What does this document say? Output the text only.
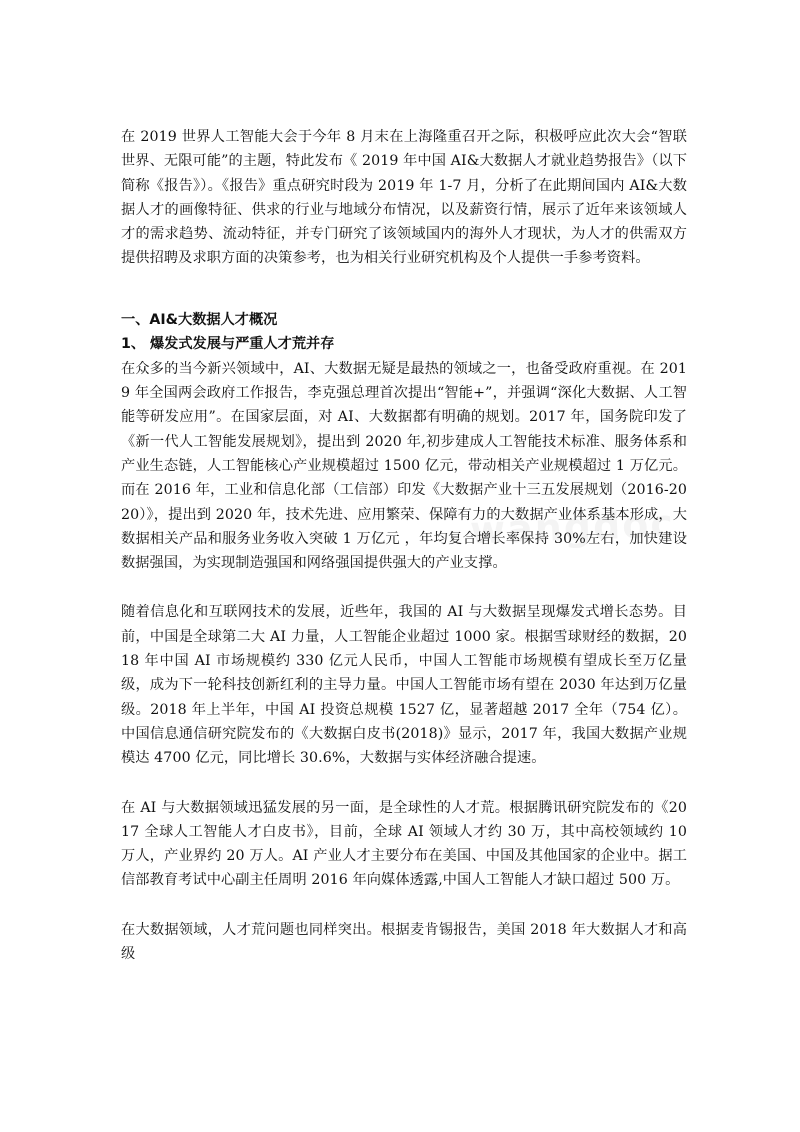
在 2019 世界人工智能大会于今年 8 月末在上海隆重召开之际，积极呼应此次大会“智联世界、无限可能”的主题，特此发布《 2019 年中国 AI&大数据人才就业趋势报告》（以下简称《报告》）。《报告》重点研究时段为 2019 年 1-7 月，分析了在此期间国内 AI&大数据人才的画像特征、供求的行业与地域分布情况，以及薪资行情，展示了近年来该领域人才的需求趋势、流动特征，并专门研究了该领域国内的海外人才现状，为人才的供需双方提供招聘及求职方面的决策参考，也为相关行业研究机构及个人提供一手参考资料。

一、AI&大数据人才概况
1、 爆发式发展与严重人才荒并存

在众多的当今新兴领域中，AI、大数据无疑是最热的领域之一，也备受政府重视。在 2019 年全国两会政府工作报告，李克强总理首次提出“智能+”，并强调“深化大数据、人工智能等研发应用”。在国家层面，对 AI、大数据都有明确的规划。2017 年，国务院印发了《新一代人工智能发展规划》，提出到 2020 年,初步建成人工智能技术标准、服务体系和产业生态链，人工智能核心产业规模超过 1500 亿元，带动相关产业规模超过 1 万亿元。而在 2016 年，工业和信息化部（工信部）印发《大数据产业十三五发展规划（2016-2020）》，提出到 2020 年，技术先进、应用繁荣、保障有力的大数据产业体系基本形成，大数据相关产品和服务业务收入突破 1 万亿元 ，年均复合增长率保持 30%左右，加快建设数据强国，为实现制造强国和网络强国提供强大的产业支撑。

随着信息化和互联网技术的发展，近些年，我国的 AI 与大数据呈现爆发式增长态势。目前，中国是全球第二大 AI 力量，人工智能企业超过 1000 家。根据雪球财经的数据，2018 年中国 AI 市场规模约 330 亿元人民币，中国人工智能市场规模有望成长至万亿量级，成为下一轮科技创新红利的主导力量。中国人工智能市场有望在 2030 年达到万亿量级。2018 年上半年，中国 AI 投资总规模 1527 亿，显著超越 2017 全年（754 亿）。中国信息通信研究院发布的《大数据白皮书(2018)》显示，2017 年，我国大数据产业规模达 4700 亿元，同比增长 30.6%，大数据与实体经济融合提速。

在 AI 与大数据领域迅猛发展的另一面，是全球性的人才荒。根据腾讯研究院发布的《2017 全球人工智能人才白皮书》，目前，全球 AI 领域人才约 30 万，其中高校领域约 10 万人，产业界约 20 万人。AI 产业人才主要分布在美国、中国及其他国家的企业中。据工信部教育考试中心副主任周明 2016 年向媒体透露,中国人工智能人才缺口超过 500 万。

在大数据领域，人才荒问题也同样突出。根据麦肯锡报告，美国 2018 年大数据人才和高级
